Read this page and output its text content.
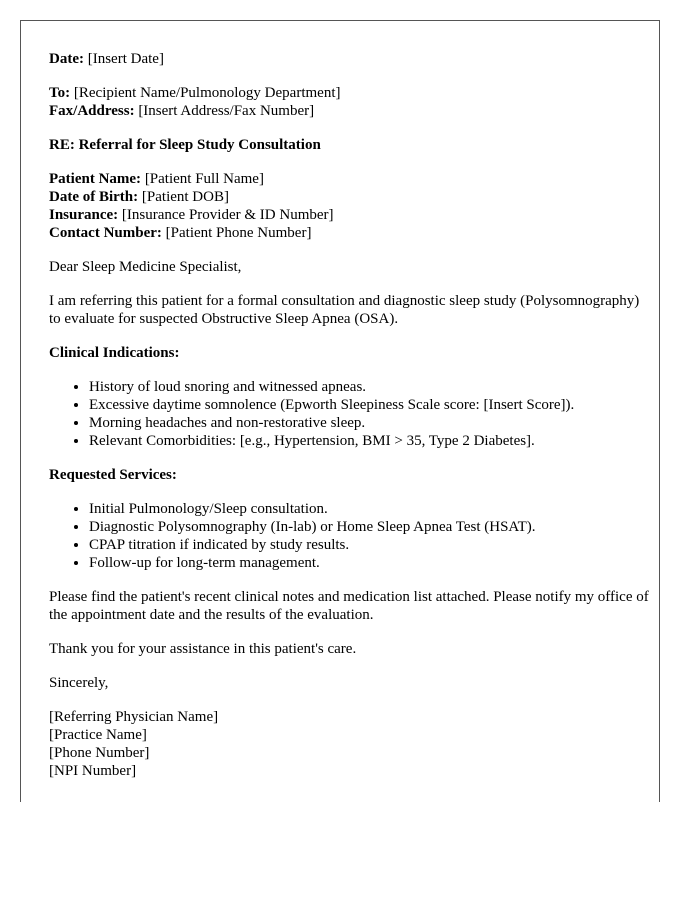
Date: [Insert Date]

To: [Recipient Name/Pulmonology Department]
Fax/Address: [Insert Address/Fax Number]

RE: Referral for Sleep Study Consultation

Patient Name: [Patient Full Name]
Date of Birth: [Patient DOB]
Insurance: [Insurance Provider & ID Number]
Contact Number: [Patient Phone Number]

Dear Sleep Medicine Specialist,

I am referring this patient for a formal consultation and diagnostic sleep study (Polysomnography) to evaluate for suspected Obstructive Sleep Apnea (OSA).

Clinical Indications:

• History of loud snoring and witnessed apneas.
• Excessive daytime somnolence (Epworth Sleepiness Scale score: [Insert Score]).
• Morning headaches and non-restorative sleep.
• Relevant Comorbidities: [e.g., Hypertension, BMI > 35, Type 2 Diabetes].

Requested Services:

• Initial Pulmonology/Sleep consultation.
• Diagnostic Polysomnography (In-lab) or Home Sleep Apnea Test (HSAT).
• CPAP titration if indicated by study results.
• Follow-up for long-term management.

Please find the patient's recent clinical notes and medication list attached. Please notify my office of the appointment date and the results of the evaluation.

Thank you for your assistance in this patient's care.

Sincerely,

[Referring Physician Name]
[Practice Name]
[Phone Number]
[NPI Number]
